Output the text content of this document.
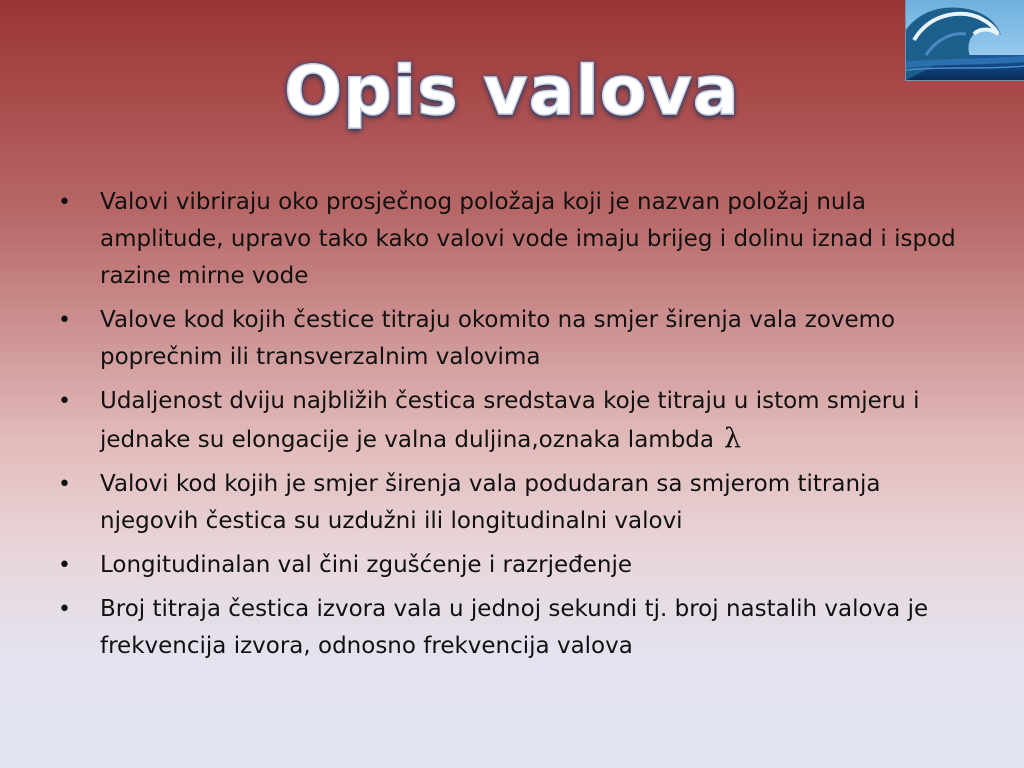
Opis valova
• Valovi vibriraju oko prosječnog položaja koji je nazvan položaj nula amplitude, upravo tako kako valovi vode imaju brijeg i dolinu iznad i ispod razine mirne vode
• Valove kod kojih čestice titraju okomito na smjer širenja vala zovemo poprečnim ili transverzalnim valovima
• Udaljenost dviju najbližih čestica sredstava koje titraju u istom smjeru i jednake su elongacije je valna duljina,oznaka lambda λ
• Valovi kod kojih je smjer širenja vala podudaran sa smjerom titranja njegovih čestica su uzdužni ili longitudinalni valovi
• Longitudinalan val čini zgušćenje i razrjeđenje
• Broj titraja čestica izvora vala u jednoj sekundi tj. broj nastalih valova je frekvencija izvora, odnosno frekvencija valova
